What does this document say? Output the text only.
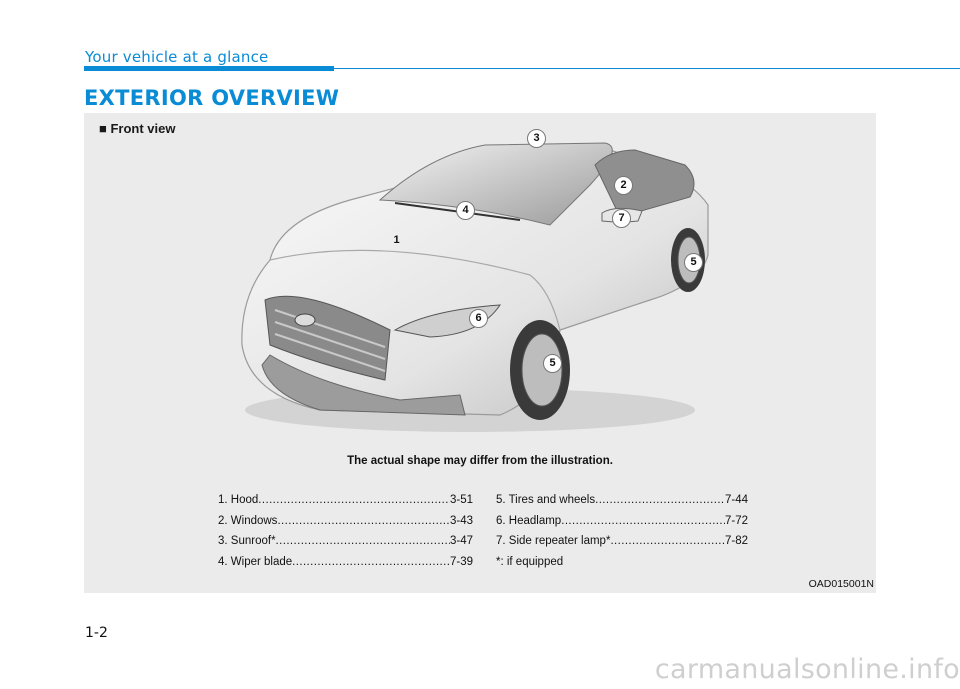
Your vehicle at a glance
EXTERIOR OVERVIEW
■ Front view
3
2
7
4
1
5
6
5
The actual shape may differ from the illustration.
1. Hood .....	3-51
2. Windows .....	3-43
3. Sunroof* .....	3-47
4. Wiper blade .....	7-39
5. Tires and wheels .....	7-44
6. Headlamp .....	7-72
7. Side repeater lamp* .....	7-82
*: if equipped
OAD015001N
1-2
carmanualsonline.info
